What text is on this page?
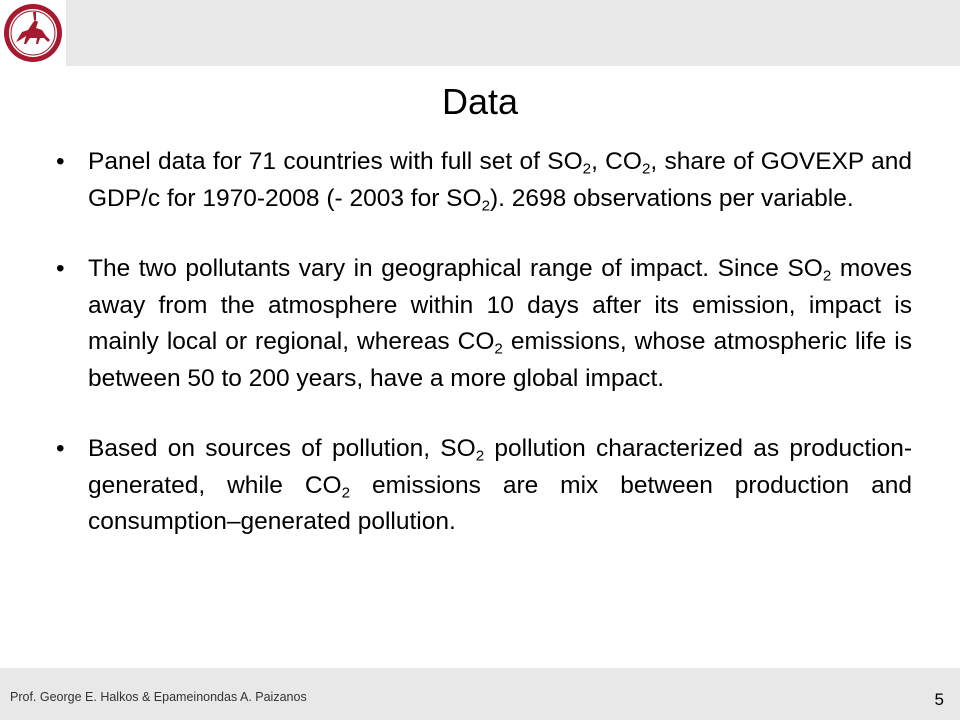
Data
• Panel data for 71 countries with full set of $SO_2$, $CO_2$, share of GOVEXP and GDP/c for 1970-2008 (- 2003 for $SO_2$). 2698 observations per variable.
• The two pollutants vary in geographical range of impact. Since $SO_2$ moves away from the atmosphere within 10 days after its emission, impact is mainly local or regional, whereas $CO_2$ emissions, whose atmospheric life is between 50 to 200 years, have a more global impact.
• Based on sources of pollution, $SO_2$ pollution characterized as production-generated, while $CO_2$ emissions are mix between production and consumption–generated pollution.
Prof. George E. Halkos & Epameinondas A. Paizanos	5
